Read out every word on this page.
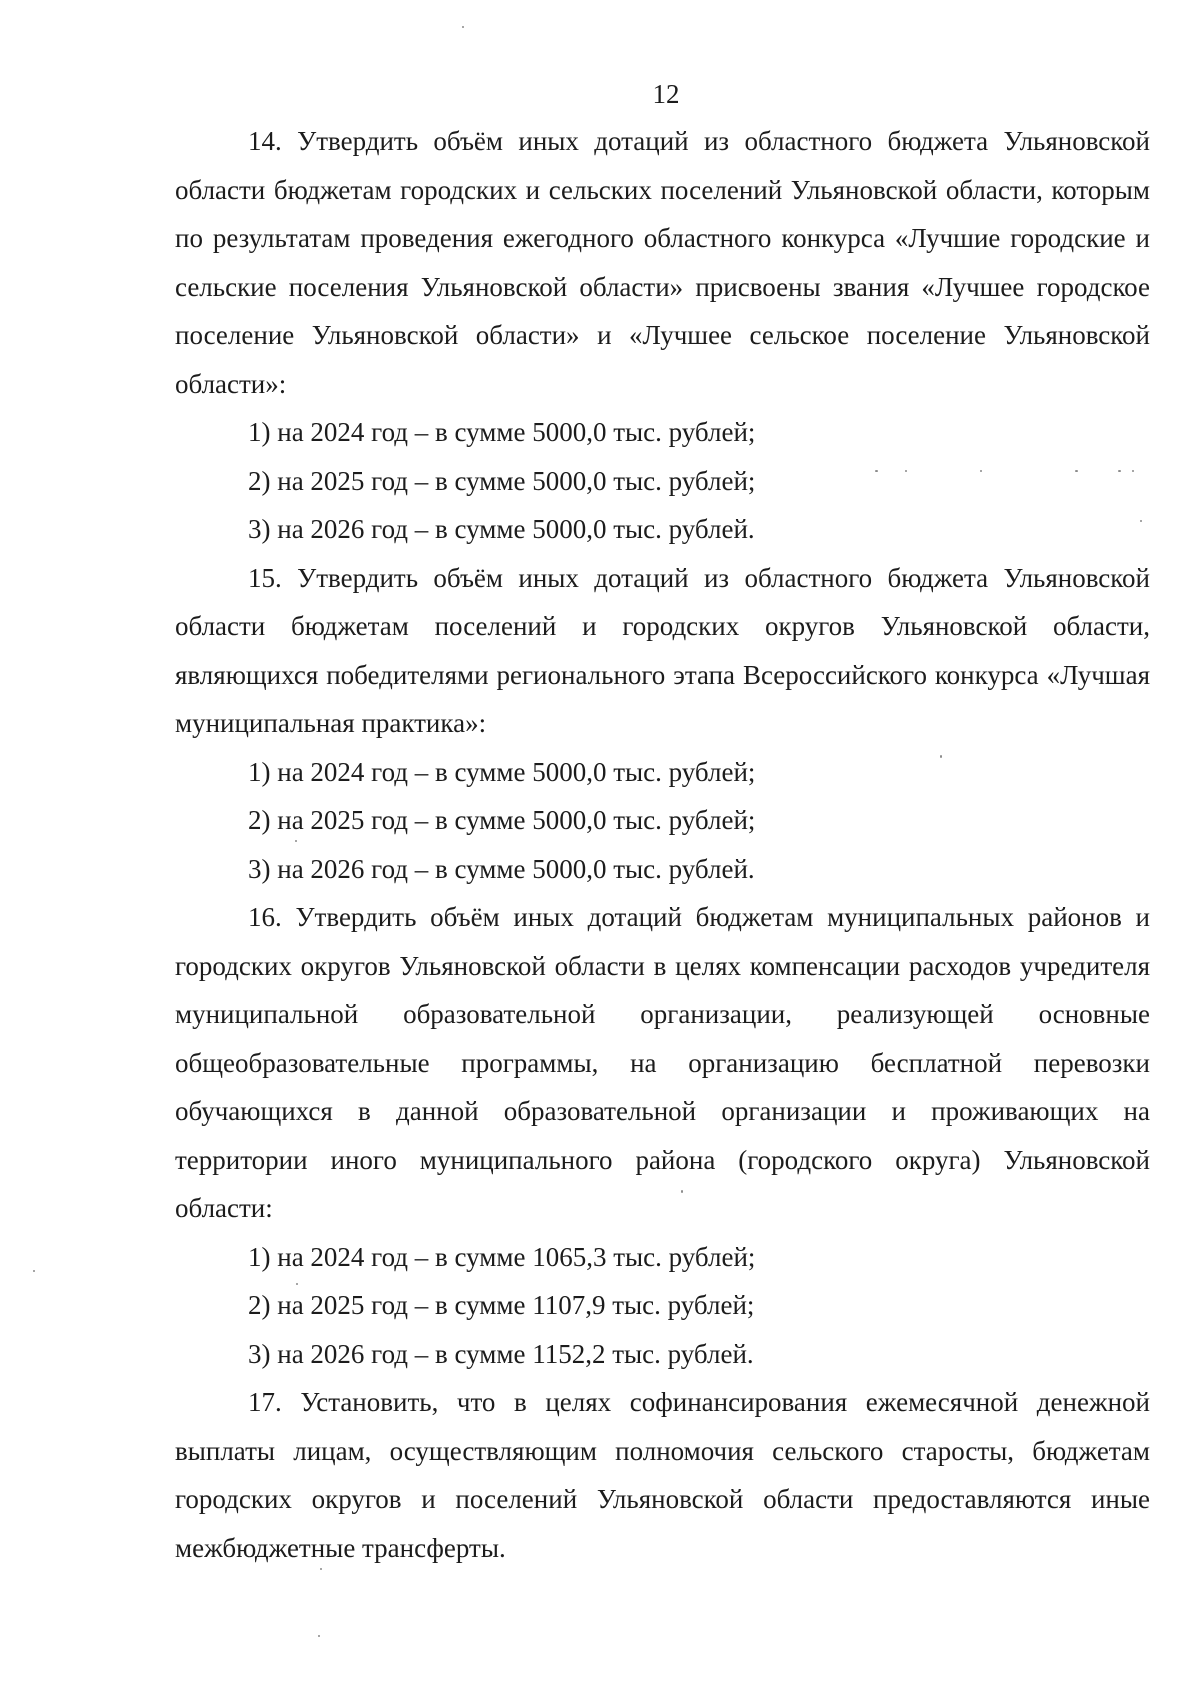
12

14. Утвердить объём иных дотаций из областного бюджета Ульяновской области бюджетам городских и сельских поселений Ульяновской области, которым по результатам проведения ежегодного областного конкурса «Лучшие городские и сельские поселения Ульяновской области» присвоены звания «Лучшее городское поселение Ульяновской области» и «Лучшее сельское поселение Ульяновской области»:

1) на 2024 год – в сумме 5000,0 тыс. рублей;

2) на 2025 год – в сумме 5000,0 тыс. рублей;

3) на 2026 год – в сумме 5000,0 тыс. рублей.

15. Утвердить объём иных дотаций из областного бюджета Ульяновской области бюджетам поселений и городских округов Ульяновской области, являющихся победителями регионального этапа Всероссийского конкурса «Лучшая муниципальная практика»:

1) на 2024 год – в сумме 5000,0 тыс. рублей;

2) на 2025 год – в сумме 5000,0 тыс. рублей;

3) на 2026 год – в сумме 5000,0 тыс. рублей.

16. Утвердить объём иных дотаций бюджетам муниципальных районов и городских округов Ульяновской области в целях компенсации расходов учредителя муниципальной образовательной организации, реализующей основные общеобразовательные программы, на организацию бесплатной перевозки обучающихся в данной образовательной организации и проживающих на территории иного муниципального района (городского округа) Ульяновской области:

1) на 2024 год – в сумме 1065,3 тыс. рублей;

2) на 2025 год – в сумме 1107,9 тыс. рублей;

3) на 2026 год – в сумме 1152,2 тыс. рублей.

17. Установить, что в целях софинансирования ежемесячной денежной выплаты лицам, осуществляющим полномочия сельского старосты, бюджетам городских округов и поселений Ульяновской области предоставляются иные межбюджетные трансферты.
